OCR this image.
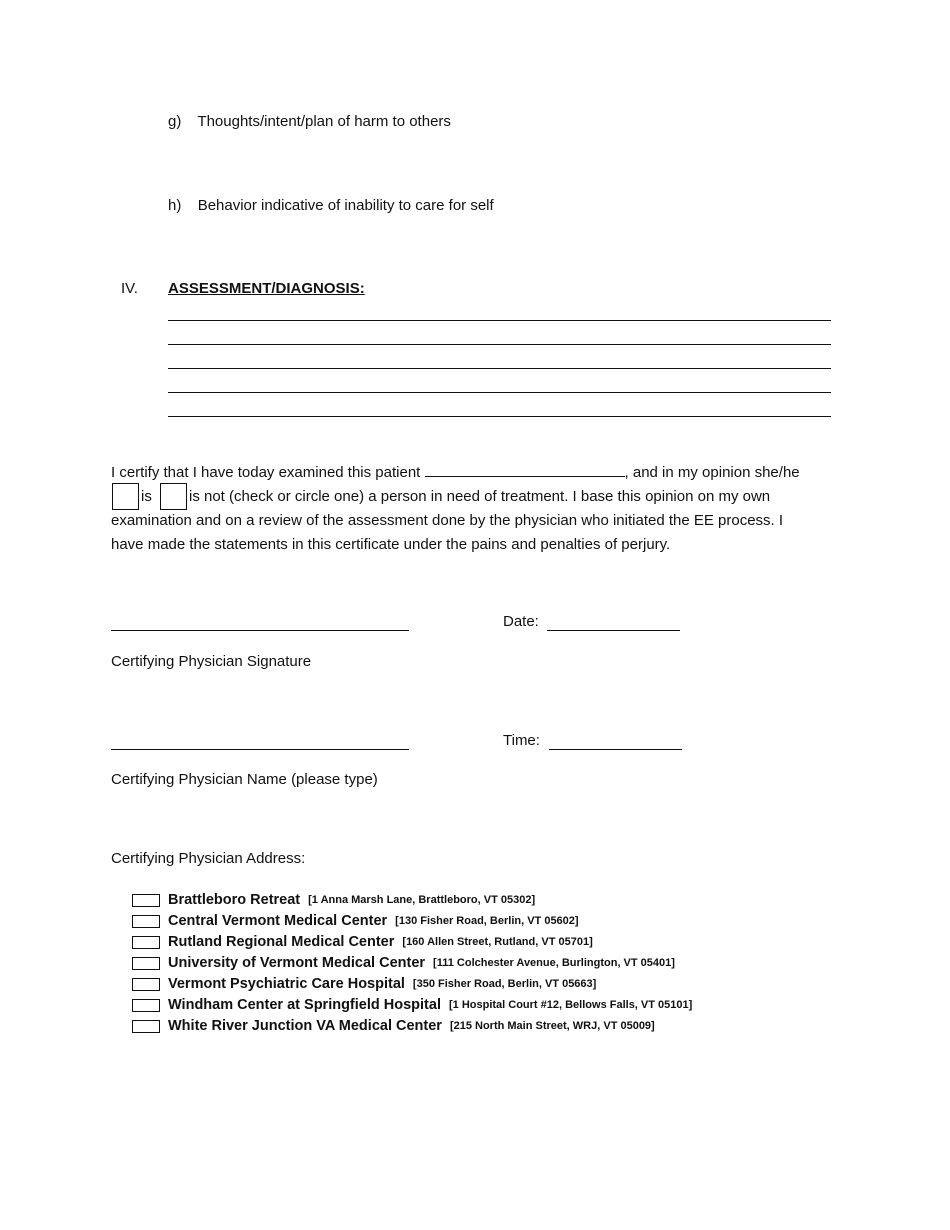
g) Thoughts/intent/plan of harm to others
h) Behavior indicative of inability to care for self
IV. ASSESSMENT/DIAGNOSIS:
I certify that I have today examined this patient	, and in my opinion she/he
is is not (check or circle one) a person in need of treatment. I base this opinion on my own
examination and on a review of the assessment done by the physician who initiated the EE process. I
have made the statements in this certificate under the pains and penalties of perjury.
Date:
Certifying Physician Signature
Time:
Certifying Physician Name (please type)
Certifying Physician Address:
Brattleboro Retreat [1 Anna Marsh Lane, Brattleboro, VT 05302]
Central Vermont Medical Center [130 Fisher Road, Berlin, VT 05602]
Rutland Regional Medical Center [160 Allen Street, Rutland, VT 05701]
University of Vermont Medical Center [111 Colchester Avenue, Burlington, VT 05401]
Vermont Psychiatric Care Hospital [350 Fisher Road, Berlin, VT 05663]
Windham Center at Springfield Hospital [1 Hospital Court #12, Bellows Falls, VT 05101]
White River Junction VA Medical Center [215 North Main Street, WRJ, VT 05009]
